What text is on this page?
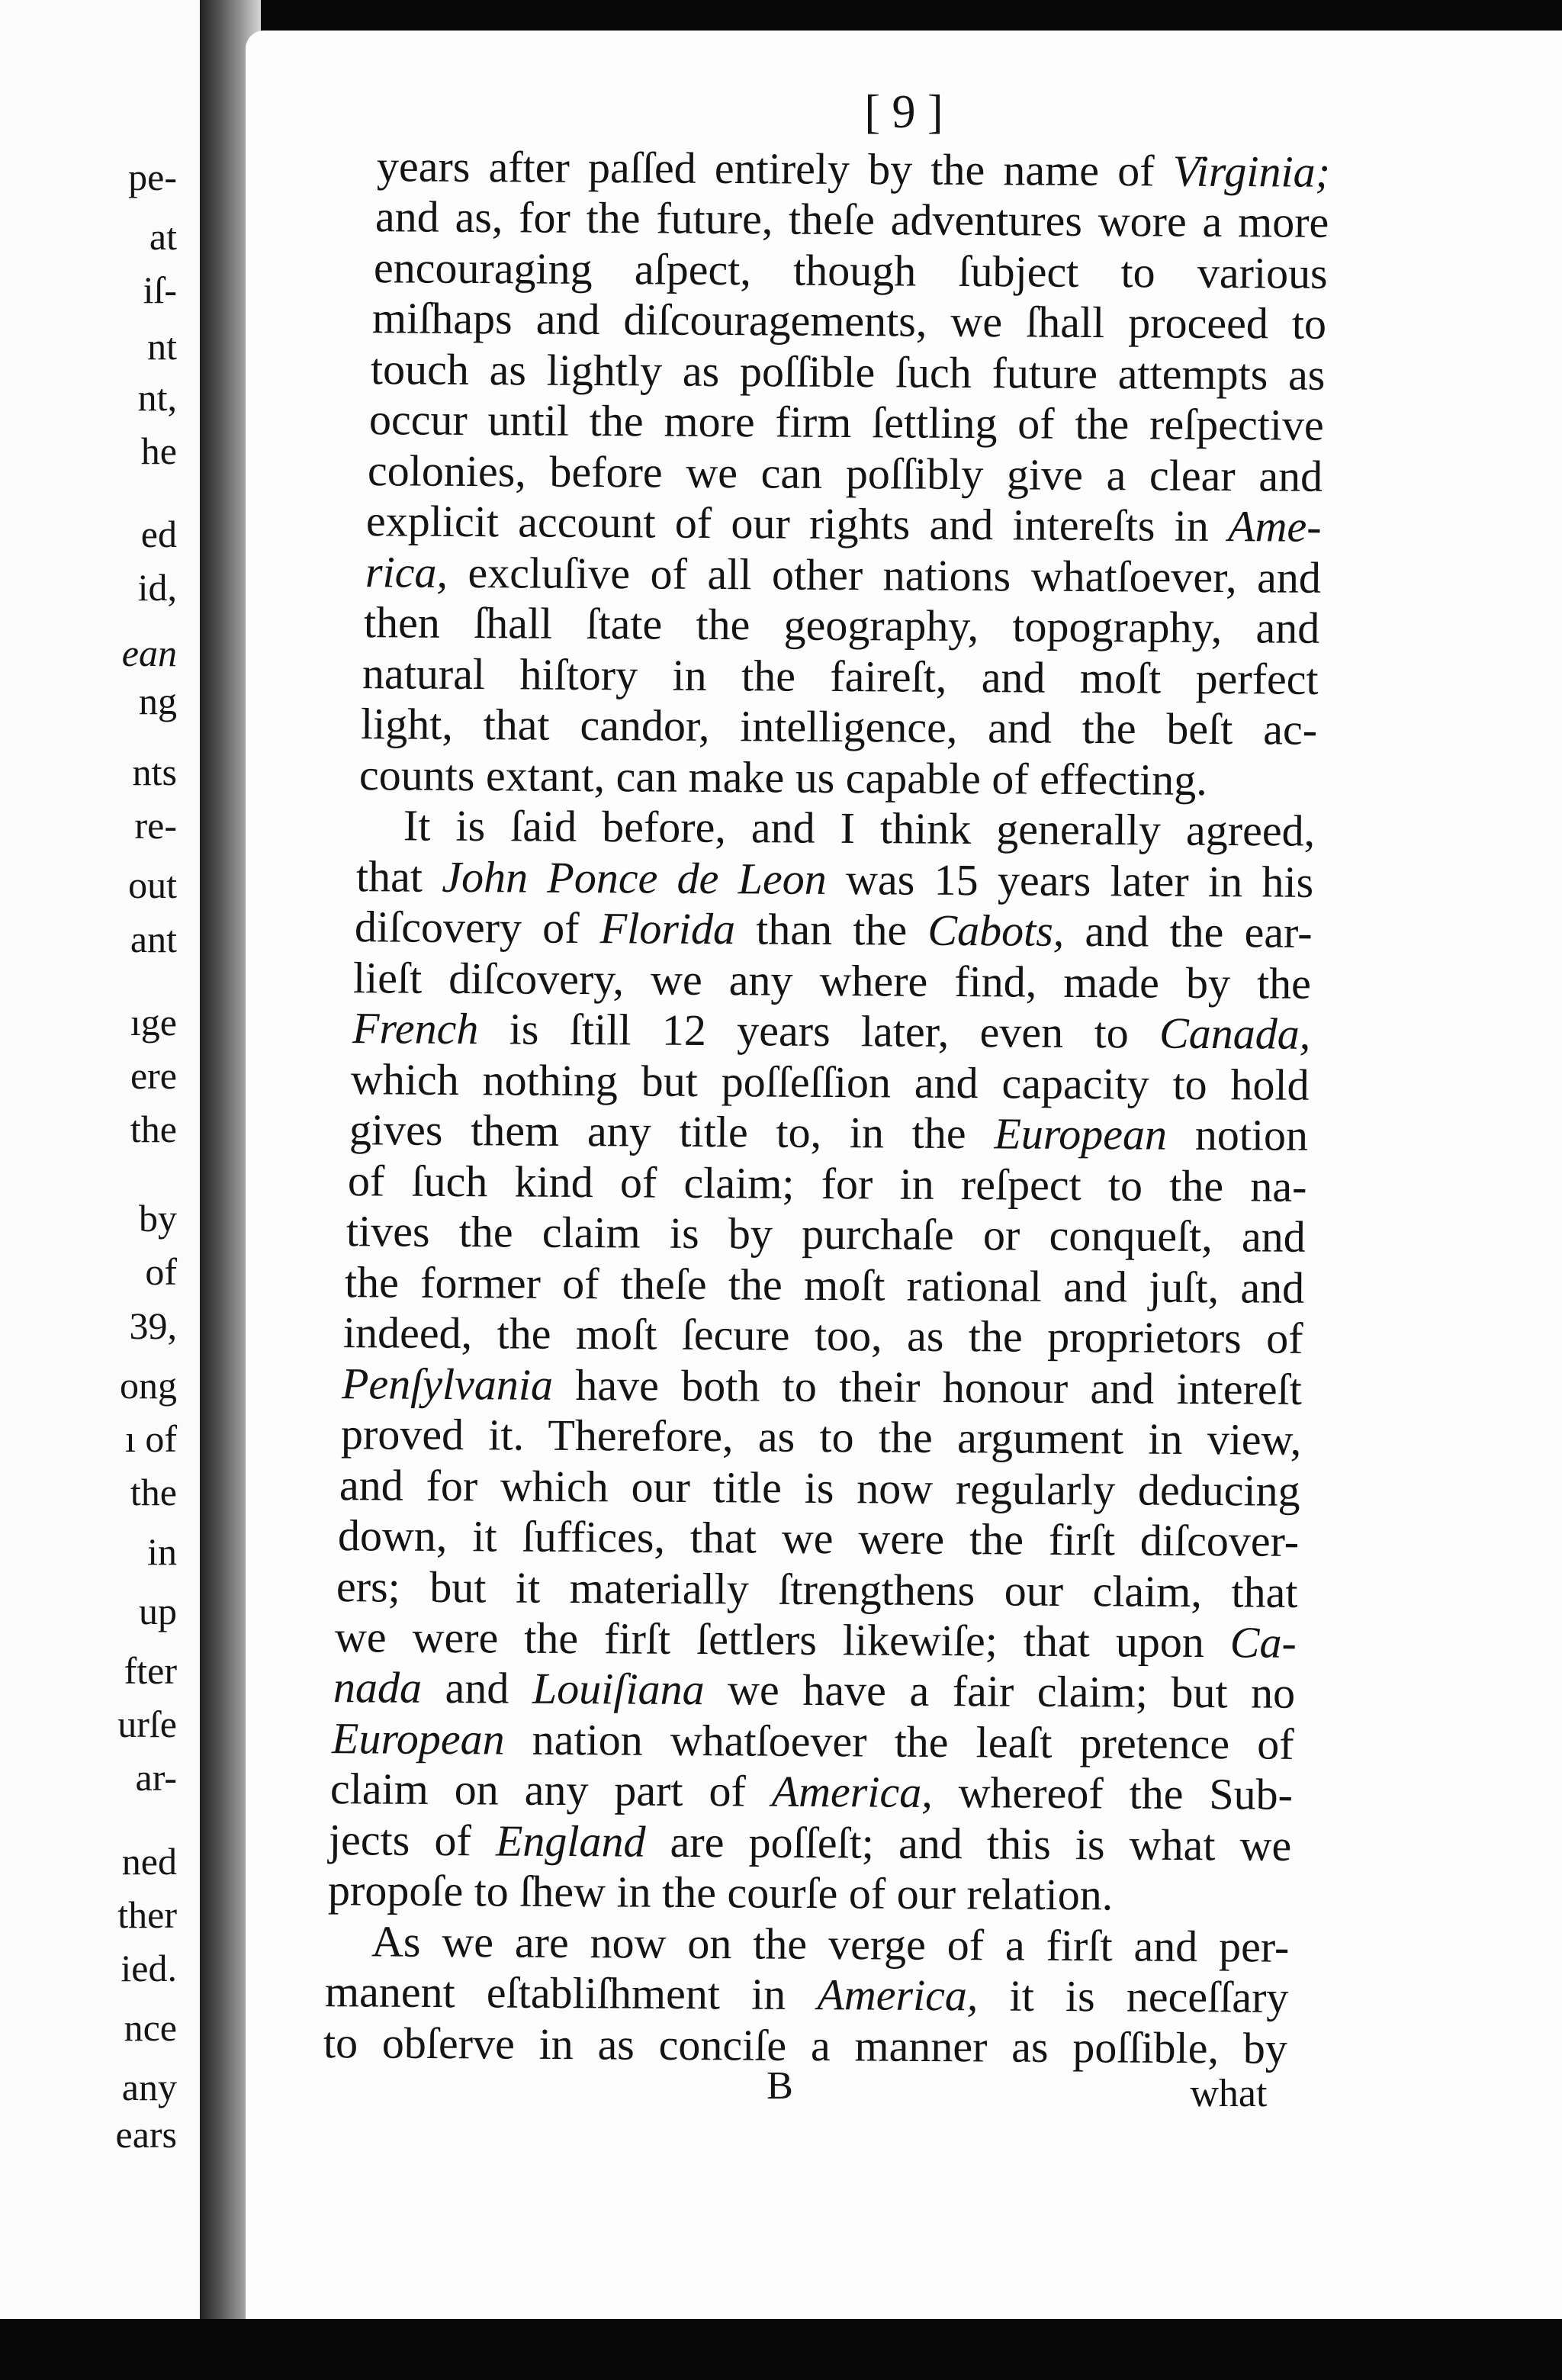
pe-
at
iſ-
nt
nt,
he
ed
id,
ean
ng
nts
re-
out
ant
ıge
ere
the
by
of
39,
ong
ı of
the
in
up
fter
urſe
ar-
ned
ther
ied.
nce
any
ears
[ 9 ]
years after paſſed entirely by the name of Virginia;
and as, for the future, theſe adventures wore a more
encouraging aſpect, though ſubject to various
miſhaps and diſcouragements, we ſhall proceed to
touch as lightly as poſſible ſuch future attempts as
occur until the more firm ſettling of the reſpective
colonies, before we can poſſibly give a clear and
explicit account of our rights and intereſts in Ame-
rica, excluſive of all other nations whatſoever, and
then ſhall ſtate the geography, topography, and
natural hiſtory in the faireſt, and moſt perfect
light, that candor, intelligence, and the beſt ac-
counts extant, can make us capable of effecting.
It is ſaid before, and I think generally agreed,
that John Ponce de Leon was 15 years later in his
diſcovery of Florida than the Cabots, and the ear-
lieſt diſcovery, we any where find, made by the
French is ſtill 12 years later, even to Canada,
which nothing but poſſeſſion and capacity to hold
gives them any title to, in the European notion
of ſuch kind of claim; for in reſpect to the na-
tives the claim is by purchaſe or conqueſt, and
the former of theſe the moſt rational and juſt, and
indeed, the moſt ſecure too, as the proprietors of
Penſylvania have both to their honour and intereſt
proved it. Therefore, as to the argument in view,
and for which our title is now regularly deducing
down, it ſuffices, that we were the firſt diſcover-
ers; but it materially ſtrengthens our claim, that
we were the firſt ſettlers likewiſe; that upon Ca-
nada and Louiſiana we have a fair claim; but no
European nation whatſoever the leaſt pretence of
claim on any part of America, whereof the Sub-
jects of England are poſſeſt; and this is what we
propoſe to ſhew in the courſe of our relation.
As we are now on the verge of a firſt and per-
manent eſtabliſhment in America, it is neceſſary
to obſerve in as conciſe a manner as poſſible, by
B	what
